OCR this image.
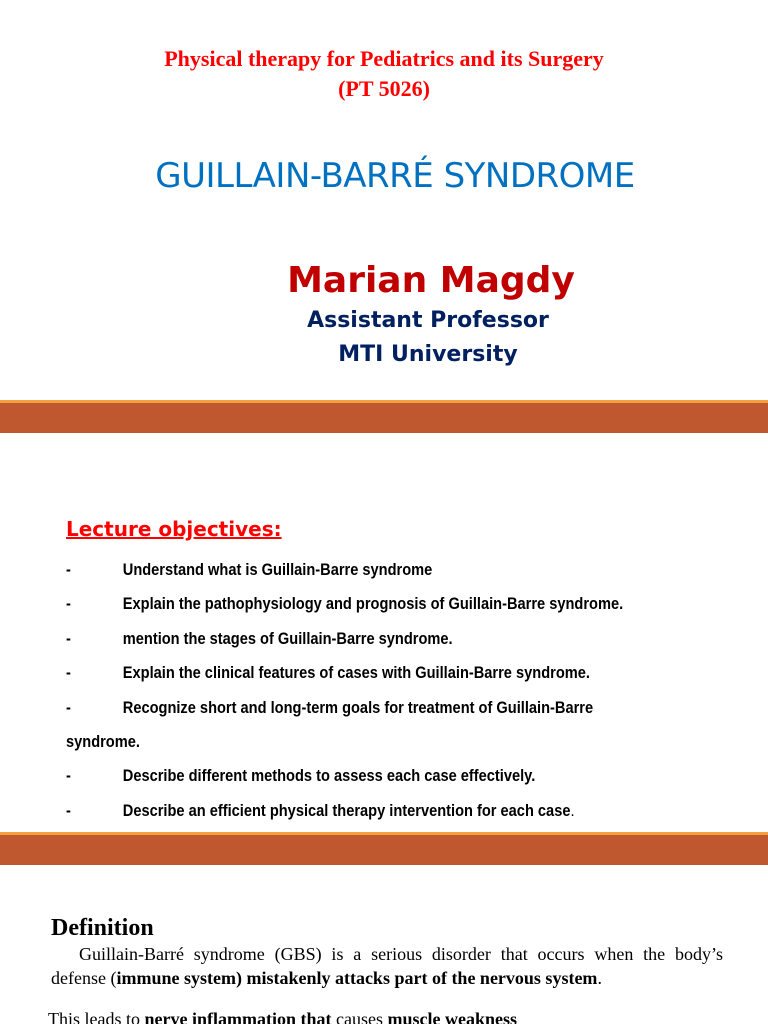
Physical therapy for Pediatrics and its Surgery
(PT 5026)
GUILLAIN-BARRÉ SYNDROME
Marian Magdy
Assistant Professor
MTI University
Lecture objectives:
-	Understand what is Guillain-Barre syndrome
-	Explain the pathophysiology and prognosis of Guillain-Barre syndrome.
-	mention the stages of Guillain-Barre syndrome.
-	Explain the clinical features of cases with Guillain-Barre syndrome.
-	Recognize short and long-term goals for treatment of Guillain-Barre
syndrome.
-	Describe different methods to assess each case effectively.
-	Describe an efficient physical therapy intervention for each case.
Definition
Guillain-Barré syndrome (GBS) is a serious disorder that occurs when the body’s defense (immune system) mistakenly attacks part of the nervous system.
This leads to nerve inflammation that causes muscle weakness
